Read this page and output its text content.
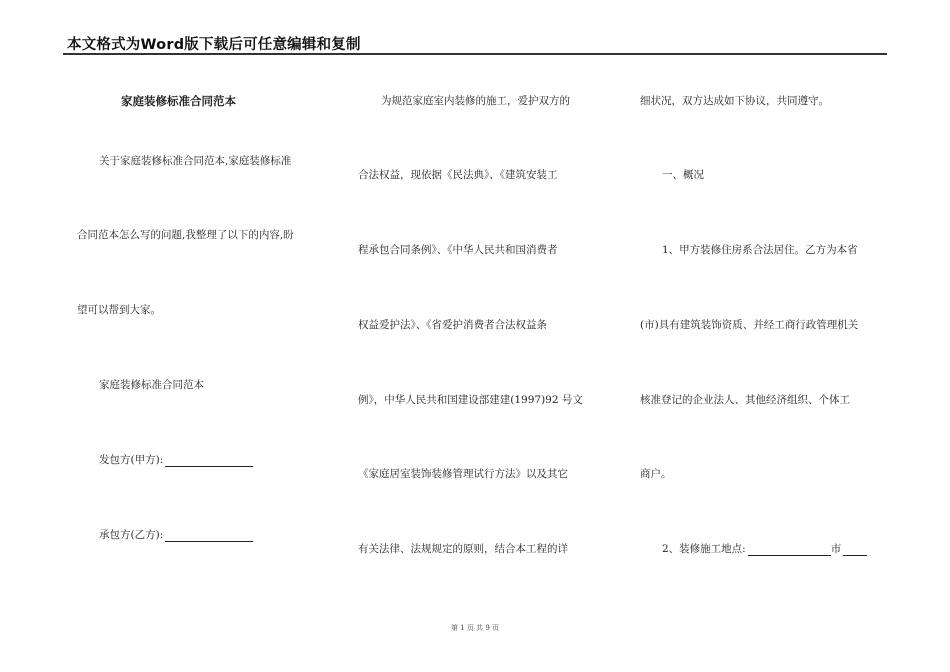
本文格式为Word版下载后可任意编辑和复制
家庭装修标准合同范本
关于家庭装修标准合同范本,家庭装修标准
合同范本怎么写的问题,我整理了以下的内容,盼
望可以帮到大家。
家庭装修标准合同范本
发包方(甲方):
承包方(乙方):
为规范家庭室内装修的施工，爱护双方的
合法权益，现依据《民法典》、《建筑安装工
程承包合同条例》、《中华人民共和国消费者
权益爱护法》、《省爱护消费者合法权益条
例》，中华人民共和国建设部建建(1997)92 号文
《家庭居室装饰装修管理试行方法》以及其它
有关法律、法规规定的原则，结合本工程的详
细状况，双方达成如下协议，共同遵守。
一、概况
1、甲方装修住房系合法居住。乙方为本省
(市)具有建筑装饰资质、并经工商行政管理机关
核准登记的企业法人、其他经济组织、个体工
商户。
2、装修施工地点:	市
第 1 页 共 9 页
